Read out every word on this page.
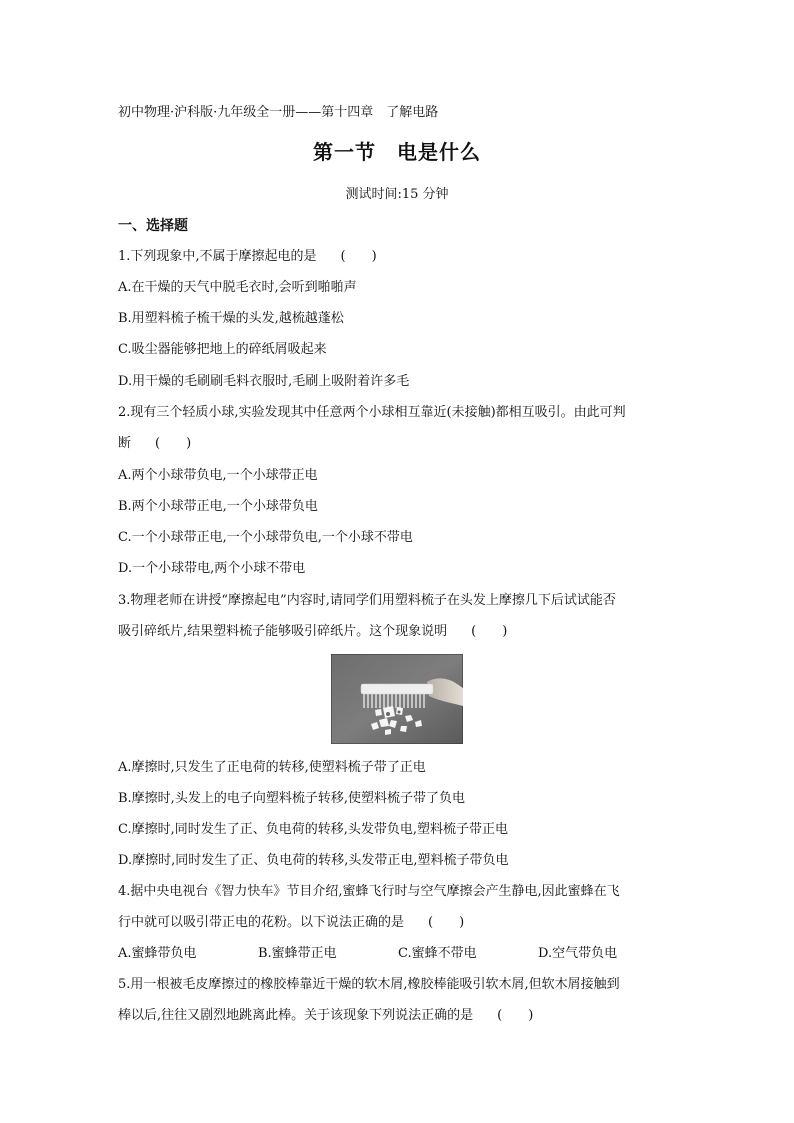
初中物理·沪科版·九年级全一册——第十四章　了解电路
第一节　电是什么
测试时间:15 分钟
一、选择题
1.下列现象中,不属于摩擦起电的是 (　　)
A.在干燥的天气中脱毛衣时,会听到啪啪声
B.用塑料梳子梳干燥的头发,越梳越蓬松
C.吸尘器能够把地上的碎纸屑吸起来
D.用干燥的毛刷刷毛料衣服时,毛刷上吸附着许多毛
2.现有三个轻质小球,实验发现其中任意两个小球相互靠近(未接触)都相互吸引。由此可判
断 (　　)
A.两个小球带负电,一个小球带正电
B.两个小球带正电,一个小球带负电
C.一个小球带正电,一个小球带负电,一个小球不带电
D.一个小球带电,两个小球不带电
3.物理老师在讲授“摩擦起电”内容时,请同学们用塑料梳子在头发上摩擦几下后试试能否
吸引碎纸片,结果塑料梳子能够吸引碎纸片。这个现象说明 (　　)
A.摩擦时,只发生了正电荷的转移,使塑料梳子带了正电
B.摩擦时,头发上的电子向塑料梳子转移,使塑料梳子带了负电
C.摩擦时,同时发生了正、负电荷的转移,头发带负电,塑料梳子带正电
D.摩擦时,同时发生了正、负电荷的转移,头发带正电,塑料梳子带负电
4.据中央电视台《智力快车》节目介绍,蜜蜂飞行时与空气摩擦会产生静电,因此蜜蜂在飞
行中就可以吸引带正电的花粉。以下说法正确的是 (　　)
A.蜜蜂带负电	B.蜜蜂带正电	C.蜜蜂不带电	D.空气带负电
5.用一根被毛皮摩擦过的橡胶棒靠近干燥的软木屑,橡胶棒能吸引软木屑,但软木屑接触到
棒以后,往往又剧烈地跳离此棒。关于该现象下列说法正确的是 (　　)
